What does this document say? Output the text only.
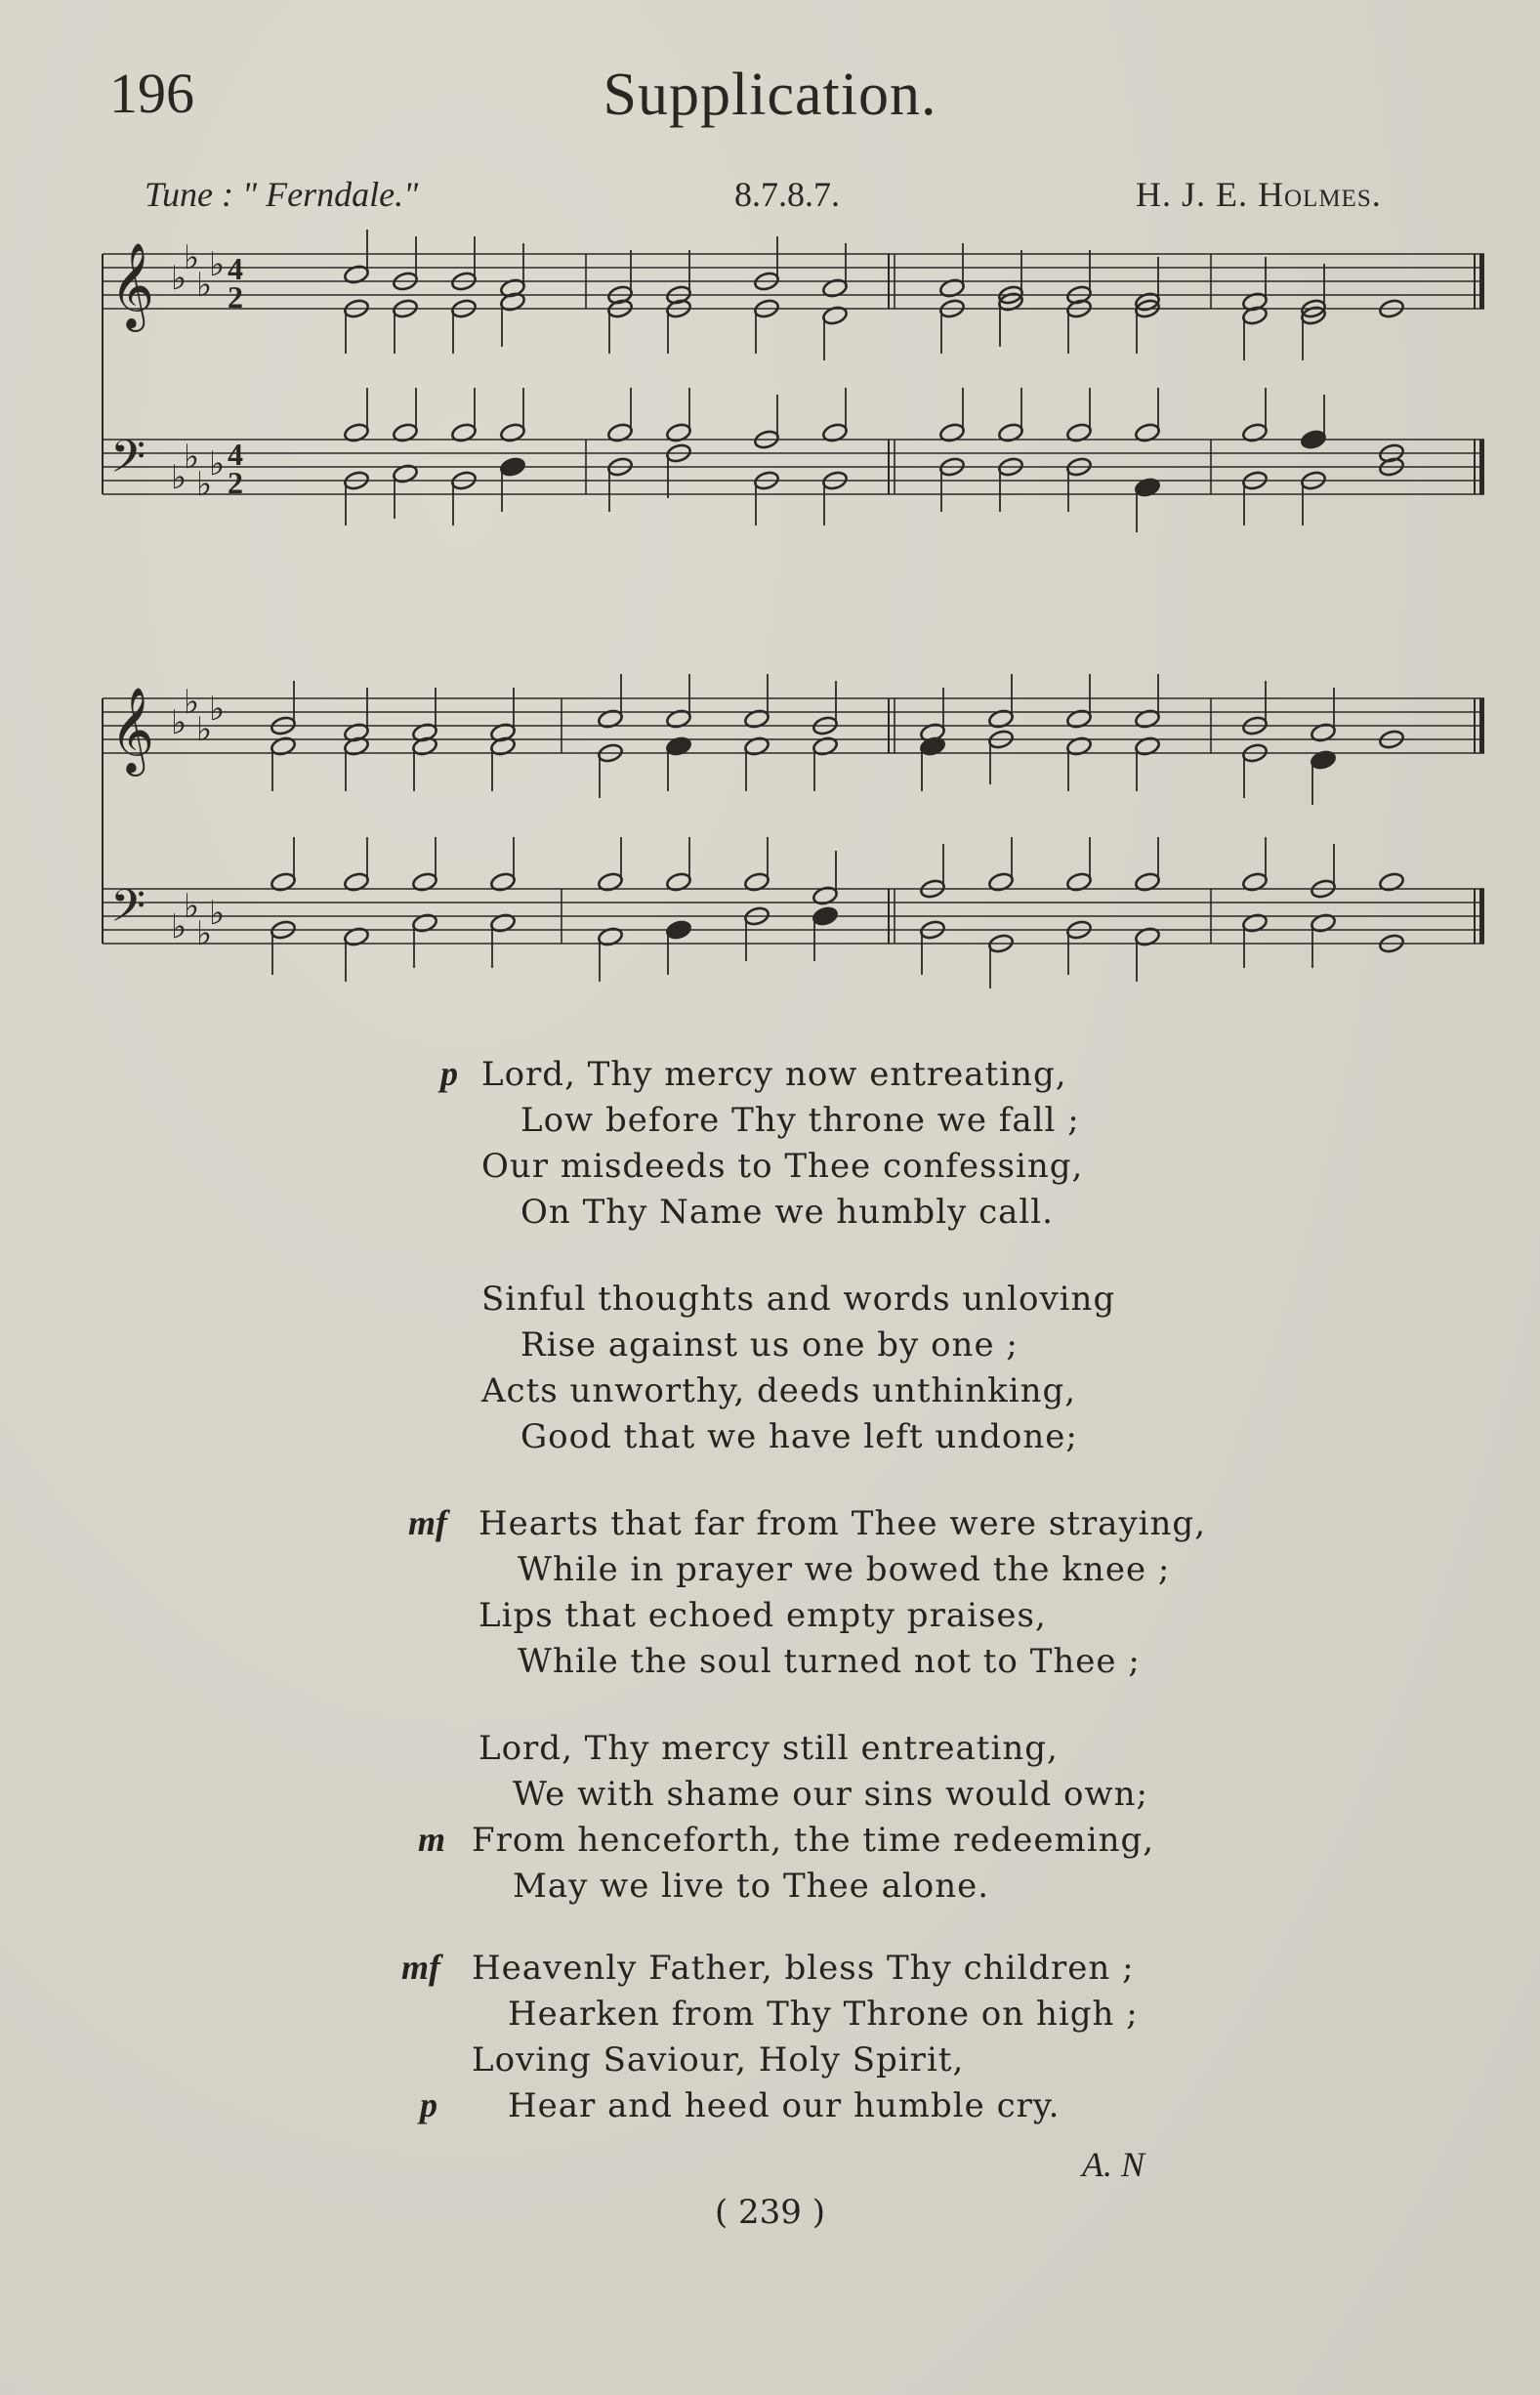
196	Supplication.
Tune : " Ferndale."	8.7.8.7.	H. J. E. Holmes.
𝄞
𝄢
♭
♭
♭
♭
♭
♭
♭
♭
4
2
4
2
𝄞
𝄢
♭
♭
♭
♭
♭
♭
♭
♭
Lord, Thy mercy now entreating,
Low before Thy throne we fall ;
Our misdeeds to Thee confessing,
On Thy Name we humbly call.
p
Sinful thoughts and words unloving
Rise against us one by one ;
Acts unworthy, deeds unthinking,
Good that we have left undone;
Hearts that far from Thee were straying,
While in prayer we bowed the knee ;
Lips that echoed empty praises,
While the soul turned not to Thee ;
mf
Lord, Thy mercy still entreating,
We with shame our sins would own;
From henceforth, the time redeeming,
May we live to Thee alone.
m
Heavenly Father, bless Thy children ;
Hearken from Thy Throne on high ;
Loving Saviour, Holy Spirit,
Hear and heed our humble cry.
mf
p
A. N
( 239 )
